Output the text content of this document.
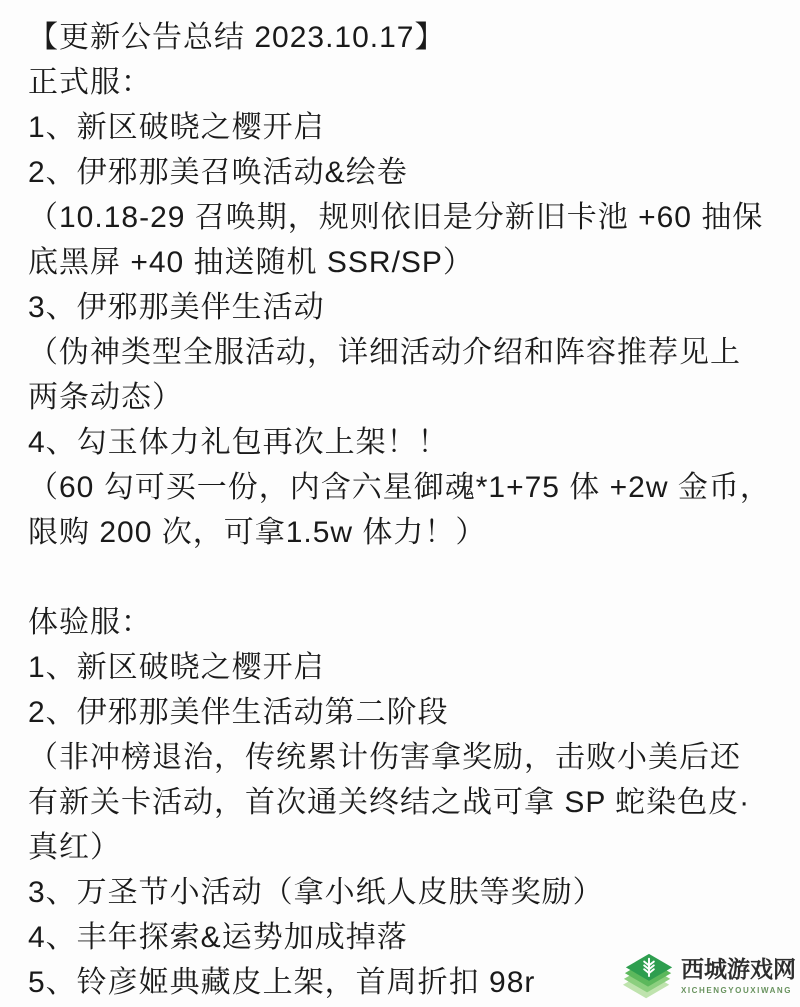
【更新公告总结 2023.10.17】
正式服：
1、新区破晓之樱开启
2、伊邪那美召唤活动&绘卷
（10.18-29 召唤期，规则依旧是分新旧卡池 +60 抽保
底黑屏 +40 抽送随机 SSR/SP）
3、伊邪那美伴生活动
（伪神类型全服活动，详细活动介绍和阵容推荐见上
两条动态）
4、勾玉体力礼包再次上架！！
（60 勾可买一份，内含六星御魂*1+75 体 +2w 金币，
限购 200 次，可拿1.5w 体力！）
体验服：
1、新区破晓之樱开启
2、伊邪那美伴生活动第二阶段
（非冲榜退治，传统累计伤害拿奖励，击败小美后还
有新关卡活动，首次通关终结之战可拿 SP 蛇染色皮·
真红）
3、万圣节小活动（拿小纸人皮肤等奖励）
4、丰年探索&运势加成掉落
5、铃彦姬典藏皮上架，首周折扣 98r	西城游戏网
XICHENGYOUXIWANG
